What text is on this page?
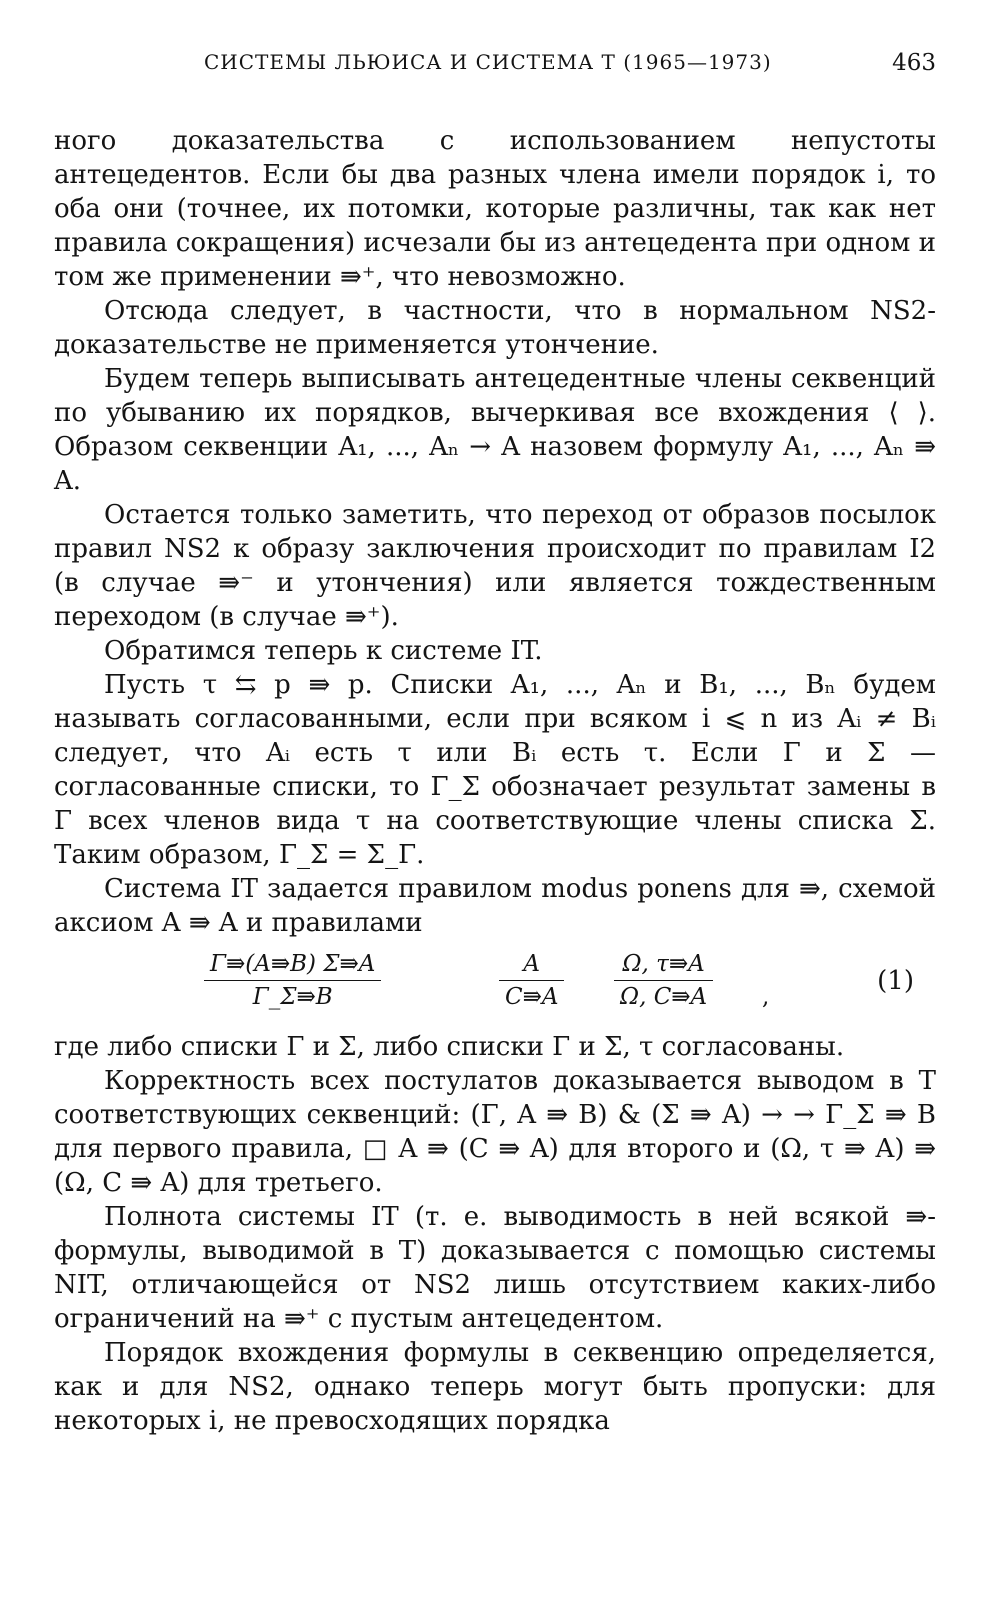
СИСТЕМЫ ЛЬЮИСА И СИСТЕМА T (1965—1973)	463

ного доказательства с использованием непустоты антецедентов. Если бы два разных члена имели порядок i, то оба они (точнее, их потомки, которые различны, так как нет правила сокращения) исчезали бы из антецедента при одном и том же применении ⇛⁺, что невозможно.

Отсюда следует, в частности, что в нормальном NS2-доказательстве не применяется утончение.

Будем теперь выписывать антецедентные члены секвенций по убыванию их порядков, вычеркивая все вхождения ⟨ ⟩. Образом секвенции A₁, ..., Aₙ → A назовем формулу A₁, ..., Aₙ ⇛ A.

Остается только заметить, что переход от образов посылок правил NS2 к образу заключения происходит по правилам I2 (в случае ⇛⁻ и утончения) или является тождественным переходом (в случае ⇛⁺).

Обратимся теперь к системе IT.

Пусть τ ⇆ p ⇛ p. Списки A₁, ..., Aₙ и B₁, ..., Bₙ будем называть согласованными, если при всяком i ⩽ n из Aᵢ ≠ Bᵢ следует, что Aᵢ есть τ или Bᵢ есть τ. Если Γ и Σ — согласованные списки, то Γ_Σ обозначает результат замены в Γ всех членов вида τ на соответствующие члены списка Σ. Таким образом, Γ_Σ = Σ_Γ.

Система IT задается правилом modus ponens для ⇛, схемой аксиом A ⇛ A и правилами

$\frac{\Gamma⇛(A⇛B) \Sigma⇛A}{\Gamma\_\Sigma⇛B}$	$\frac{A}{C⇛A} \frac{\Omega, \tau⇛A}{\Omega, C⇛A}$ ,
(1)

где либо списки Γ и Σ, либо списки Γ и Σ, τ согласованы.

Корректность всех постулатов доказывается выводом в T соответствующих секвенций: (Γ, A ⇛ B) & (Σ ⇛ A) → → Γ_Σ ⇛ B для первого правила, □ A ⇛ (C ⇛ A) для второго и (Ω, τ ⇛ A) ⇛ (Ω, C ⇛ A) для третьего.

Полнота системы IT (т. е. выводимость в ней всякой ⇛-формулы, выводимой в T) доказывается с помощью системы NIT, отличающейся от NS2 лишь отсутствием каких-либо ограничений на ⇛⁺ с пустым антецедентом.

Порядок вхождения формулы в секвенцию определяется, как и для NS2, однако теперь могут быть пропуски: для некоторых i, не превосходящих порядка
